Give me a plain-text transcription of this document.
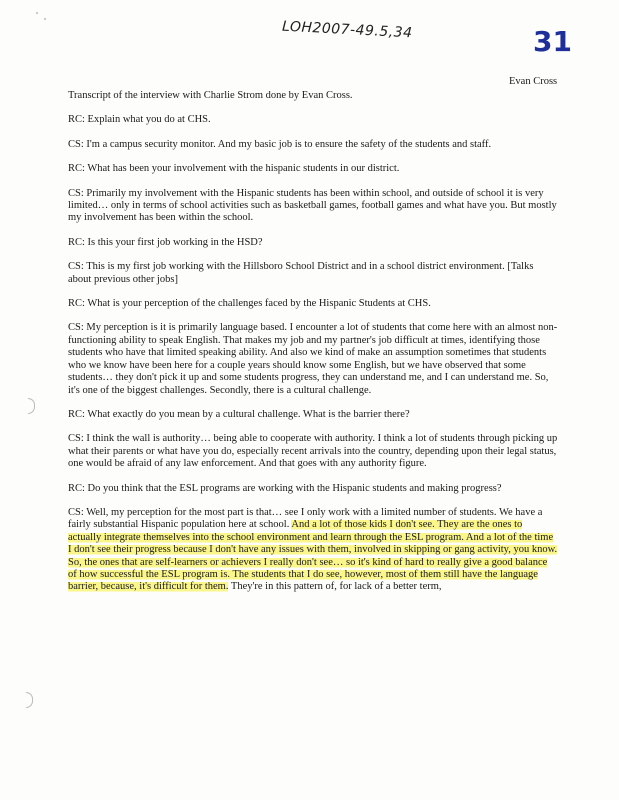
LOH2007-49.5,34	31
Evan Cross

Transcript of the interview with Charlie Strom done by Evan Cross.

RC: Explain what you do at CHS.

CS: I'm a campus security monitor. And my basic job is to ensure the safety of the students and staff.

RC: What has been your involvement with the hispanic students in our district.

CS: Primarily my involvement with the Hispanic students has been within school, and outside of school it is very limited… only in terms of school activities such as basketball games, football games and what have you. But mostly my involvement has been within the school.

RC: Is this your first job working in the HSD?

CS: This is my first job working with the Hillsboro School District and in a school district environment. [Talks about previous other jobs]

RC: What is your perception of the challenges faced by the Hispanic Students at CHS.

CS: My perception is it is primarily language based. I encounter a lot of students that come here with an almost non-functioning ability to speak English. That makes my job and my partner's job difficult at times, identifying those students who have that limited speaking ability. And also we kind of make an assumption sometimes that students who we know have been here for a couple years should know some English, but we have observed that some students… they don't pick it up and some students progress, they can understand me, and I can understand me. So, it's one of the biggest challenges. Secondly, there is a cultural challenge.

RC: What exactly do you mean by a cultural challenge. What is the barrier there?

CS: I think the wall is authority… being able to cooperate with authority. I think a lot of students through picking up what their parents or what have you do, especially recent arrivals into the country, depending upon their legal status, one would be afraid of any law enforcement. And that goes with any authority figure.

RC: Do you think that the ESL programs are working with the Hispanic students and making progress?

CS: Well, my perception for the most part is that… see I only work with a limited number of students. We have a fairly substantial Hispanic population here at school. And a lot of those kids I don't see. They are the ones to actually integrate themselves into the school environment and learn through the ESL program. And a lot of the time I don't see their progress because I don't have any issues with them, involved in skipping or gang activity, you know. So, the ones that are self-learners or achievers I really don't see… so it's kind of hard to really give a good balance of how successful the ESL program is. The students that I do see, however, most of them still have the language barrier, because, it's difficult for them. They're in this pattern of, for lack of a better term,
